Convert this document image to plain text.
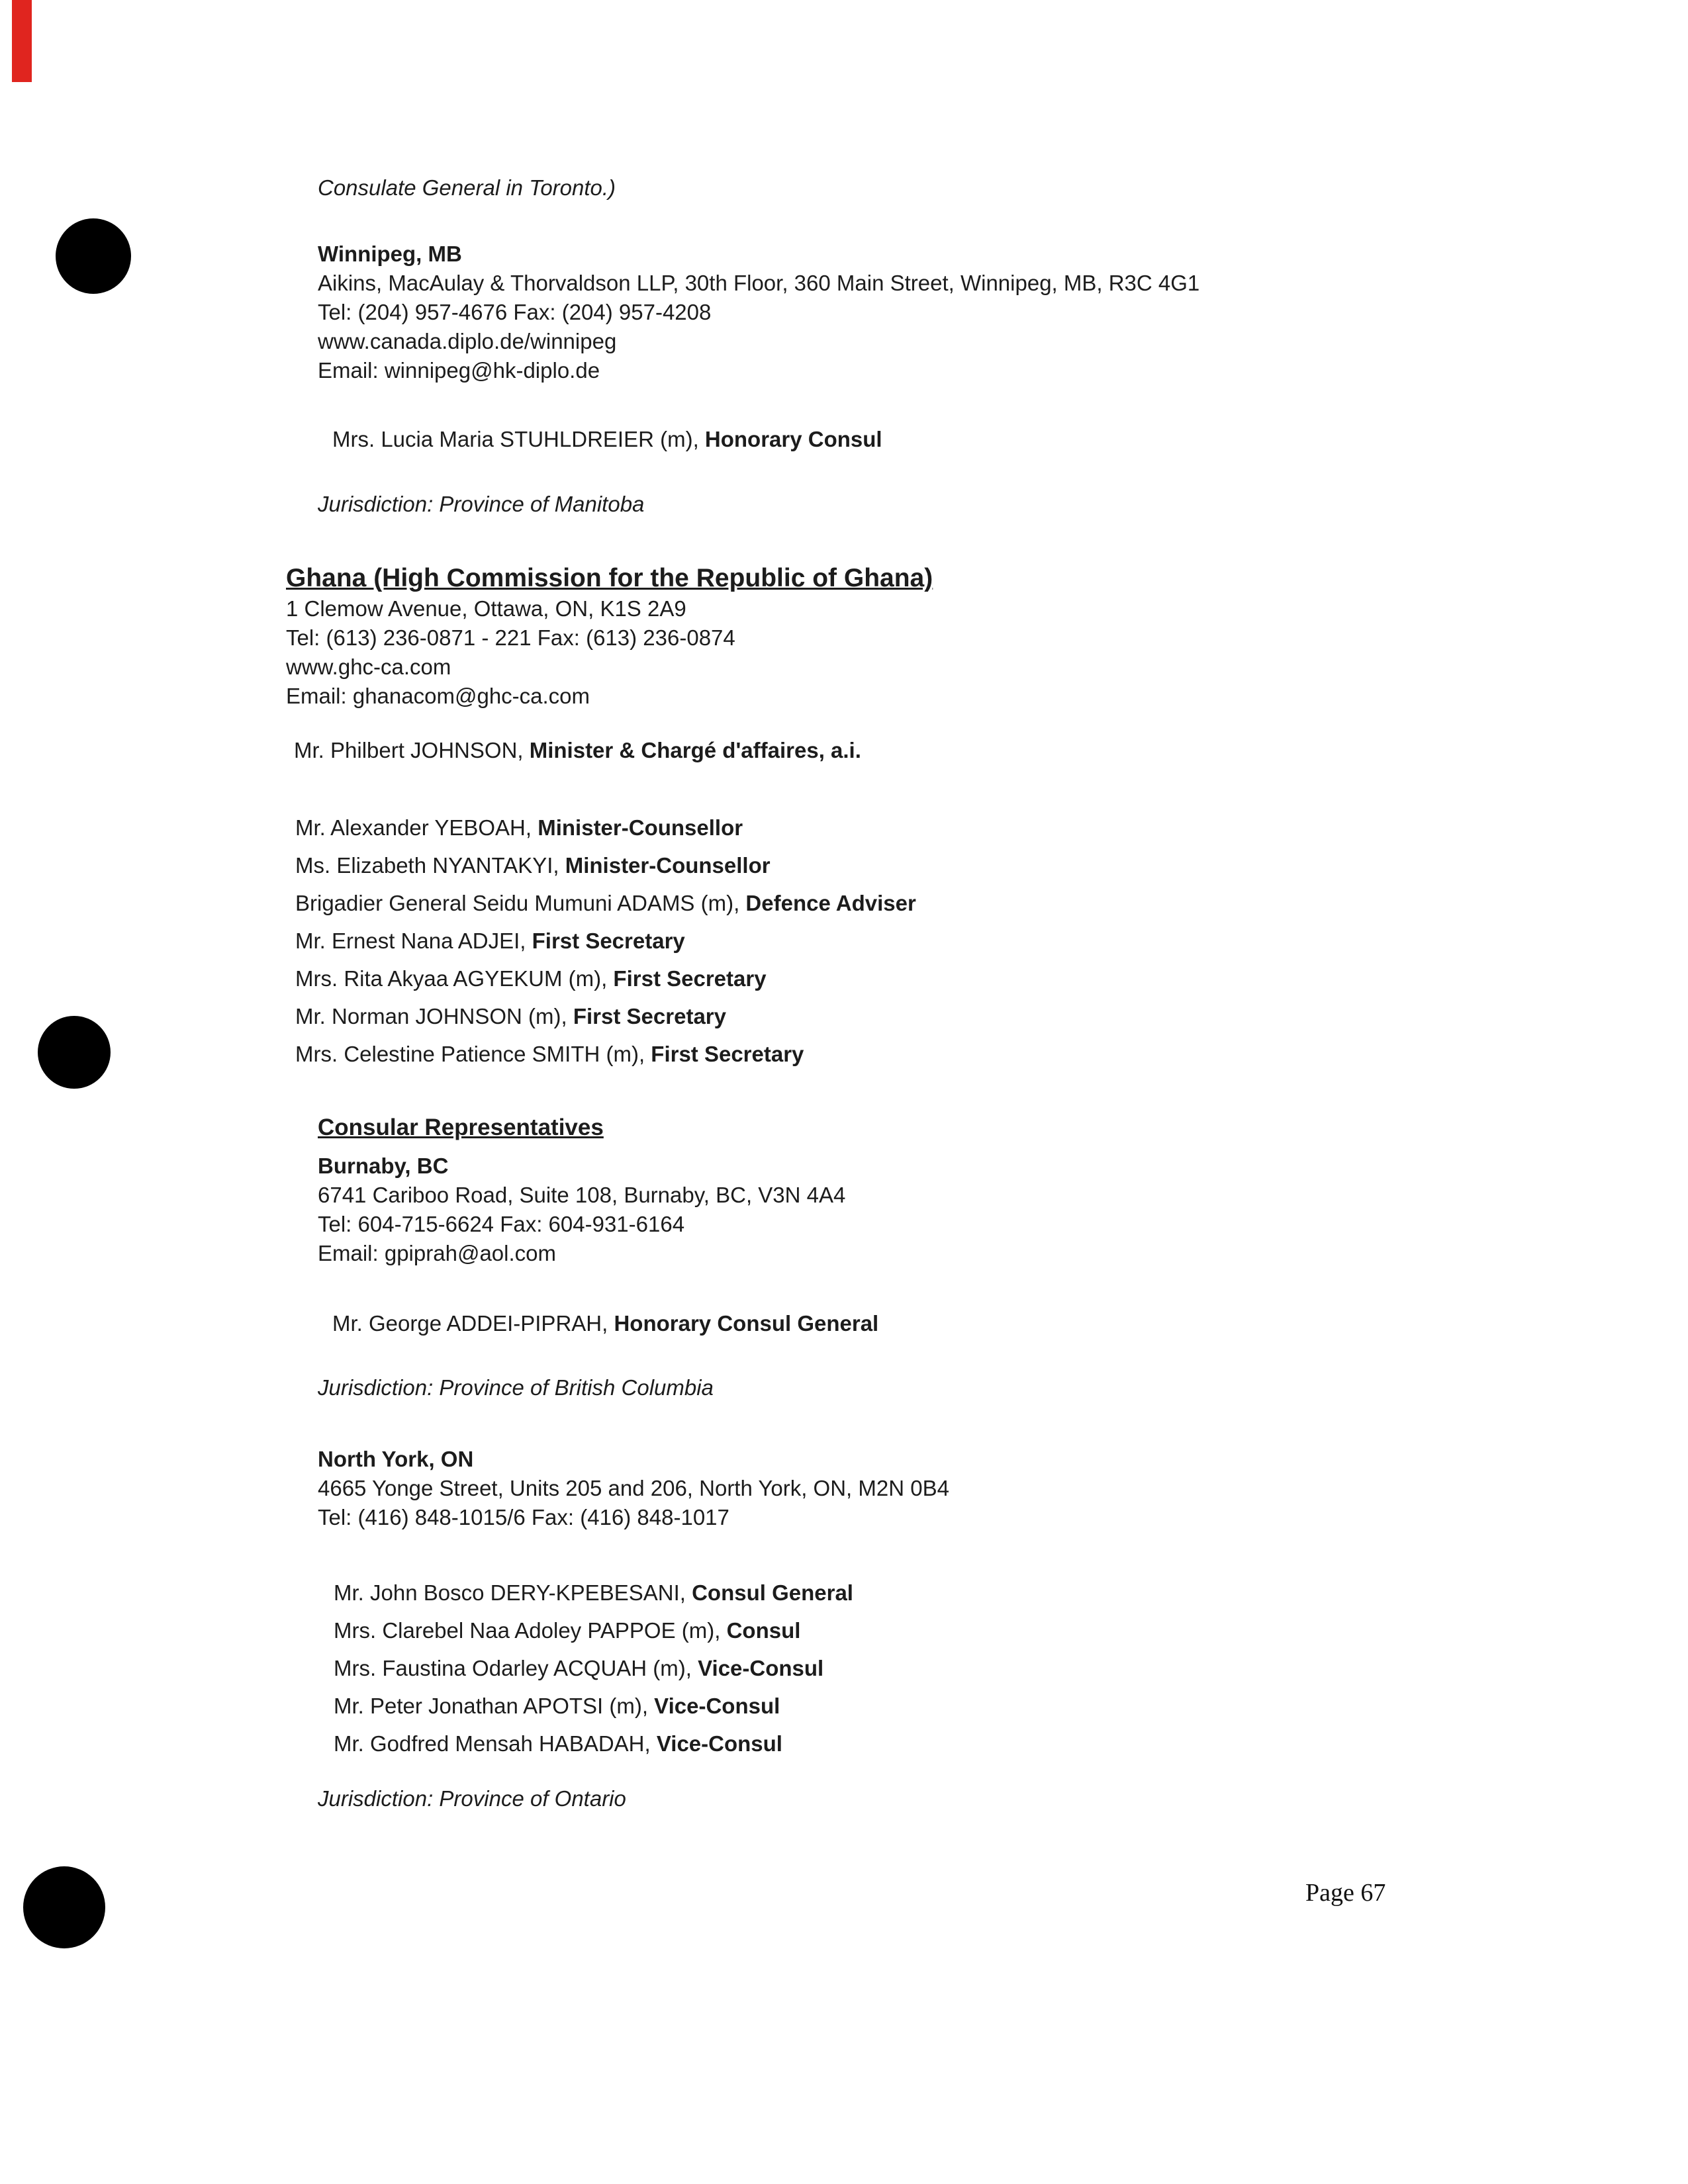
Consulate General in Toronto.)
Winnipeg, MB
Aikins, MacAulay & Thorvaldson LLP, 30th Floor, 360 Main Street, Winnipeg, MB, R3C 4G1
Tel: (204) 957-4676 Fax: (204) 957-4208
www.canada.diplo.de/winnipeg
Email: winnipeg@hk-diplo.de
Mrs. Lucia Maria STUHLDREIER (m), Honorary Consul
Jurisdiction: Province of Manitoba
Ghana (High Commission for the Republic of Ghana)
1 Clemow Avenue, Ottawa, ON, K1S 2A9
Tel: (613) 236-0871 - 221 Fax: (613) 236-0874
www.ghc-ca.com
Email: ghanacom@ghc-ca.com
Mr. Philbert JOHNSON, Minister & Chargé d'affaires, a.i.
Mr. Alexander YEBOAH, Minister-Counsellor
Ms. Elizabeth NYANTAKYI, Minister-Counsellor
Brigadier General Seidu Mumuni ADAMS (m), Defence Adviser
Mr. Ernest Nana ADJEI, First Secretary
Mrs. Rita Akyaa AGYEKUM (m), First Secretary
Mr. Norman JOHNSON (m), First Secretary
Mrs. Celestine Patience SMITH (m), First Secretary
Consular Representatives
Burnaby, BC
6741 Cariboo Road, Suite 108, Burnaby, BC, V3N 4A4
Tel: 604-715-6624 Fax: 604-931-6164
Email: gpiprah@aol.com
Mr. George ADDEI-PIPRAH, Honorary Consul General
Jurisdiction: Province of British Columbia
North York, ON
4665 Yonge Street, Units 205 and 206, North York, ON, M2N 0B4
Tel: (416) 848-1015/6 Fax: (416) 848-1017
Mr. John Bosco DERY-KPEBESANI, Consul General
Mrs. Clarebel Naa Adoley PAPPOE (m), Consul
Mrs. Faustina Odarley ACQUAH (m), Vice-Consul
Mr. Peter Jonathan APOTSI (m), Vice-Consul
Mr. Godfred Mensah HABADAH, Vice-Consul
Jurisdiction: Province of Ontario
Page 67
